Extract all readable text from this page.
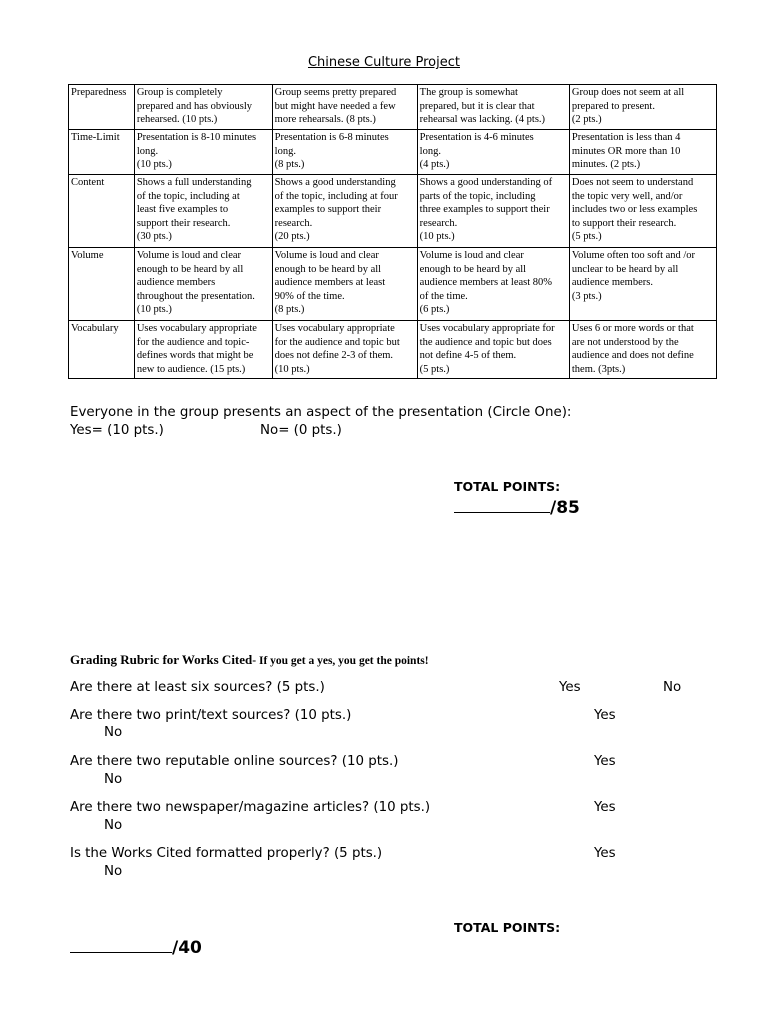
Chinese Culture Project
Preparedness	Group is completely
prepared and has obviously
rehearsed. (10 pts.)	Group seems pretty prepared
but might have needed a few
more rehearsals. (8 pts.)	The group is somewhat
prepared, but it is clear that
rehearsal was lacking. (4 pts.)	Group does not seem at all
prepared to present.
(2 pts.)
Time-Limit	Presentation is 8-10 minutes
long.
(10 pts.)	Presentation is 6-8 minutes
long.
(8 pts.)	Presentation is 4-6 minutes
long.
(4 pts.)	Presentation is less than 4
minutes OR more than 10
minutes. (2 pts.)
Content	Shows a full understanding
of the topic, including at
least five examples to
support their research.
(30 pts.)	Shows a good understanding
of the topic, including at four
examples to support their
research.
(20 pts.)	Shows a good understanding of
parts of the topic, including
three examples to support their
research.
(10 pts.)	Does not seem to understand
the topic very well, and/or
includes two or less examples
to support their research.
(5 pts.)
Volume	Volume is loud and clear
enough to be heard by all
audience members
throughout the presentation.
(10 pts.)	Volume is loud and clear
enough to be heard by all
audience members at least
90% of the time.
(8 pts.)	Volume is loud and clear
enough to be heard by all
audience members at least 80%
of the time.
(6 pts.)	Volume often too soft and /or
unclear to be heard by all
audience members.
(3 pts.)
Vocabulary	Uses vocabulary appropriate
for the audience and topic-
defines words that might be
new to audience. (15 pts.)	Uses vocabulary appropriate
for the audience and topic but
does not define 2-3 of them.
(10 pts.)	Uses vocabulary appropriate for
the audience and topic but does
not define 4-5 of them.
(5 pts.)	Uses 6 or more words or that
are not understood by the
audience and does not define
them. (3pts.)
Everyone in the group presents an aspect of the presentation (Circle One):
Yes= (10 pts.)	No= (0 pts.)
TOTAL POINTS:
/85
Grading Rubric for Works Cited- If you get a yes, you get the points!
Are there at least six sources? (5 pts.)	Yes	No
Are there two print/text sources? (10 pts.)	Yes
No
Are there two reputable online sources? (10 pts.)	Yes
No
Are there two newspaper/magazine articles? (10 pts.)	Yes
No
Is the Works Cited formatted properly? (5 pts.)	Yes
No
TOTAL POINTS:
/40
